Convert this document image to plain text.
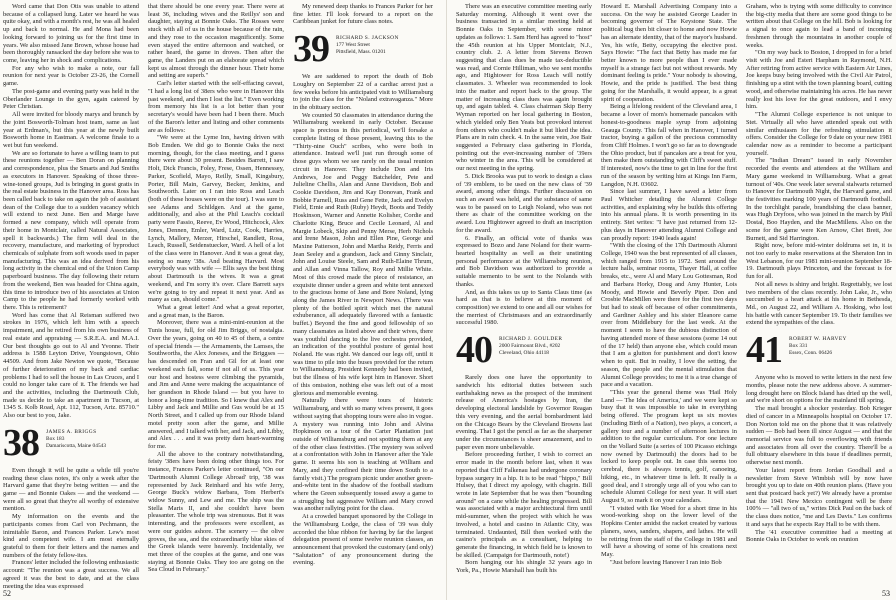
Word came that Don Otis was unable to attend because of a collapsed lung. Later we heard he was quite okay, and with a month's rest, he was all healed up and back to normal. He and Mona had been looking forward to joining us for the first time in years. We also missed Jane Brown, whose house had been thoroughly ransacked the day before she was to come, leaving her in shock and complications.

For any who wish to make a note, our fall reunion for next year is October 23-26, the Cornell game.

The post-game and evening party was held in the Oberlander Lounge in the gym, again catered by Peter Christian.

All were invited for bloody marys and brunch by the joint Bosworth-Tolman host team, same as last year at Erdman's, but this year at the newly built Bosworth home in Eastman. A welcome finale to a wet but fun weekend.

We are so fortunate to have a willing team to put these reunions together — Ben Doran on planning and correspondence, plus the Smarts and Jud Smiths as executors in Hanover. Speaking of those three-wine-toned groups, Jud is bringing in guest gratis in the real estate business in the Hanover area. Ross has been called back to take on again the job of assistant dean of the College due to a sudden vacancy which will extend to next June. Ben and Marge have formed a new company, which will operate from their home in Montclair, called Natural Associates, spell it backwards.) The firm will deal in the recovery, manufacture, and marketing of byproduct chemicals of sulphate from soft woods used in paper manufacturing. This was an idea derived from his long activity in the chemical end of the Union Camp paperboard business. The day following their return from the weekend, Ben was headed for China again, this time to introduce two of his associates at Union Camp to the people he had formerly worked with there. This is retirement?

Word has come that Al Reisman suffered two strokes in 1976, which left him with a speech impairment, and he retired from his own business of real estate and appraising — S.R.E.A. and M.A.I. Our best thoughts go out to Al and Yvonne. Their address is 1588 Leyton Drive, Youngstown, Ohio 44509. And from Jake Newton we quote, "Because of further deterioration of my back and cardiac problems I had to sell the house in Las Cruces, and I could no longer take care of it. The friends we had and the activities, including the Dartmouth Club, made us decide to take an apartment in Tucson, at 1345 S. Kolb Road, Apt. 112, Tucson, Ariz. 85710." Also our best to you, Jake.

38 JAMES A. BRIGGS
Box 183
Damariscotta, Maine 04543

Even though it will be quite a while till you're reading these class notes, it's only a week after the Harvard game that they're being written — and the game — and Bonnie Oakes — and the weekend — were all so great that they're all worthy of extensive mention.

My information on the events and the participants comes from Carl von Pechmann, the inimitable Baron, and Frances Parker. Lew's most kind and competent wife. I am most eternally grateful to them for their letters and the names and numbers of the feisty fellow-ites.

Frances' letter included the following enthusiastic account: "The reunion was a great success. We all agreed it was the best to date, and at the class meeting the idea was expressed

that there should be one every year. There were at least 36, including wives and the Reillys' son and daughter, staying at Bonnie Oaks. The Rosses were stuck with all of us in the house because of the rain, and they rose to the occasion magnificently. Some even stayed the entire afternoon and watched, or rather heard, the game in droves. Then after the game, the Landers put on an elaborate spread which kept us almost through the dinner hour. Their home and setting are superb."

Carl's letter started with the self-effacing caveat, "I had a long list of 38ers who were in Hanover this past weekend, and then I lost the list." Even working from memory his list is a lot better than your secretary's would have been had I been there. Much of the Baron's letter and listing and other comments are as follows:

"We were at the Lyme Inn, having driven with Bob Emden. We did go to Bonnie Oaks the next morning, though, for the class meeting, and I guess there were about 30 present. Besides Barrett, I saw Holt, Dick Francis, Foley, Frese, Ossen, Hennessey, Parker, Scofield, Mayo, Reilly, Small, Kingsbury, Porter, Bill Main, Garvey, Becker, Jenkins, and Southworth. Later on I ran into Ross and Leach (both of these houses were on the tour). I was sure to see Adams and Schildgen. And at the game, additionally, and also at the Phil Leach's cocktail party were Fassio, Reeve, Ev Wood, Hitchcock, Alex Jones, Dennen, Emler, Ward, Lutz, Cook, Harries, Lynch, Mallory, Merzer, Hirschel, Randlett, Rosa, Leach, Russell, Seidenstuecker, Ward. A hell of a lot of the class were in Hanover. And it was a great day, seeing so many '38s. And beating Harvard. Most everybody was with wife — Ellis says the best thing about Dartmouth is the wives. It was a great weekend, and I'm sorry it's over. Clare Barrett says we're going to try and repeat it next year. And as many as can, should come."

What a great letter! And what a great reporter, and a great man, is the Baron.

Moreover, there was a mini-mini-reunion at the Tunis house, full, for old Jim Briggs, of nostalgia. Over the years, going on 40 to 45 of them, a centre of special friends — the Armaments, the Lamses, the Southworths, the Alex Joneses, and the Briggses — has descended on Fran and Gil for at least one weekend each fall, some if not all of us. This year our host and hostess were climbing the pyramids, and Jim and Anne were making the acquaintance of her grandson in Rhode Island — but you have to honor a long-time tradition. So I knew that Alex and Libby and Jack and Millie and Gus would be at 15 North Street, and I called up from our Rhode Island motel pretty soon after the game, and Millie answered, and I talked with her, and Jack, and Libby, and Alex . . . and it was pretty darn heart-warming for me.

All the above to the contrary notwithstanding, feisty '38ers have been doing other things too. For instance, Frances Parker's letter continued, "On our 'Dartmouth Alumni College Abroad' trip, '38 was represented by Jack Reinhard and his wife Jerry, George Buck's widow Barbara, Tom Herbert's widow Sunny, and Lew and me. The ship was the Stella Maris II, and she couldn't have been pleasanter. The whole trip was strenuous. But it was interesting, and the professors were excellent, as were our guides ashore. The scenery — the olive groves, the sea, and the extraordinarily blue skies of the Greek islands were heavenly. Incidentally, we met three of the couples at the game, and one was staying at Bonnie Oaks. They too are going on the Sea Cloud in February."

My renewed deep thanks to Frances Parker for her fine letter. I'll look forward to a report on the Caribbean junket for future class notes.

39 RICHARD S. JACKSON
177 West Street
Pittsfield, Mass. 01201

We are saddened to report the death of Bob Loughry on September 22 of a cardiac arrest just a few weeks before his anticipated visit to Williamsburg to join the class for the "Noland extravaganza." More in the obituary section.

We counted 50 classmates in attendance during the Williamsburg weekend in early October. Because space is precious in this periodical, we'll forsake a complete listing of those present, leaving this to the "Thirty-nine Ouch" scribes, who were both in attendance. Instead we'll just run through some of those guys whom we see rarely on the usual reunion circuit in Hanover. They include Don and Iris Andrews, Joe and Peggy Batchelder, Pete and Julieline Chellis, Alan and Anne Davidson, Bob and Cookie Davidson, Jim and Kay Donovan, Frank and Bobbie Farnell, Russ and Gene Fette, Jack and Evelyn Field, Ernie and Ruth (Ruby) Heydt, Boots and Teddy Hoskinson, Warner and Annette Kolisher, Cordie and Charlotte King, Bruce and Cecile Leonard, Al and Margie Lobeck, Skip and Penny Merse, Herb Nichols and Irene Mason, John and Ellen Pine, George and Maxine Patterson, John and Martha Reidy, Ferris and Jean Seeley and a grandson, Jack and Ginny Sinclair, John and Louise Steele, Sam and Ruth-Elaine Thrum, and Allan and Vinna Tallow, Roy and Millie White. Most of this crowd made the piece of resistance, an exquisite dinner under a green and white tent annexed to the gracious home of Jane and Bore Noland, lying along the James River in Newport News. (There was plenty of the bottled spirit which met the natural exhuberance, all adequately flavored with a fantastic buffet.) Beyond the fine and good fellowship of so many classmates as listed above and their wives, there was youthful dancing to the live orchestra provided, an indication of the youthful posture of genial host Noland. He was right. We danced our legs off, until it was time to pile into the buses provided for the return to Williamsburg. President Kennedy had been invited, but the illness of his wife kept him in Hanover. Short of this omission, nothing else was left out of a most glorious and memorable evening.

Naturally there were tours of historic Williamsburg, and with so many wives present, it goes without saying that shopping tours were also in vogue. A mystery was running into John and Alvina Hopkinson on a tour of the Carter Plantation just outside of Williamsburg and not spotting them at any of the other class festivities. (The mystery was solved at a confrontation with John in Hanover after the Yale game. It seems his son is teaching at William and Mary, and they confined their time down South to a family visit.) The program picnic under another green-and-white tent in the shadow of the football stadium where the Green subsequently tossed away a game to a struggling but aggressive William and Mary crowd was another rallying point for the class.

At a crowded banquet sponsored by the College in the Williamsburg Lodge, the class of '39 was duly accorded the blue ribbon for having by far the largest delegation present of some twelve reunion classes, an announcement that provoked the customary (and only) "Salutation" of any pronouncement during the evening.

52

There was an executive committee meeting early Saturday morning. Although it went over the business transacted in a similar meeting held at Bonnie Oaks in September, with some minor updates as follows: 1. Sam Herd has agreed to "host" the 45th reunion at his Upper Montclair, N.J., country club. 2. A letter from Stevens Brown suggesting that class dues be made tax-deductible was read, and Cornie Hilliman, who we sent months ago, and Hightower for Ross Leach will notify classmates. 3. Wheeler was recommended to look into the matter and report back to the group. The matter of increasing class dues was again brought up, and again tabled. 4. Class chairman Skip Berry Wyman reported on her local gathering in Boston, which yielded only Ben Yeats but provoked interest from others who couldn't make it but liked the idea. Plans are in rain check. 4. In the same vein, Joe Bair suggested a February class gathering in Florida, pointing out the ever-increasing number of '39ers who winter in the area. This will be considered at our next meeting in the spring.

5. Dick Brooks was put to work to design a class of '39 emblem, to be used on the new class of '39 award, among other things. Further discussion on such an award was held, and the substance of same was to be passed on to Leigh Noland, who was not there as chair of the committee working on the award. Lou Hightower agreed to draft an inscription for the award.

6. Finally, an official vote of thanks was expressed to Bozo and Jane Noland for their warm-hearted hospitality as well as their unstinting personal performance at the Williamsburg reunion, and Bob Davidson was authorized to provide a suitable memento to be sent to the Nolands with thanks.

And, as this takes us up to Santa Claus time (as hard as that is to believe at this moment of composition) we extend to one and all our wishes for the merriest of Christmases and an extraordinarily successful 1980.

40 RICHARD J. GOULDER
2000 Fairmount Blvd., #202
Cleveland, Ohio 44118

Rarely does one have the opportunity to sandwich his editorial duties between such earthshaking news as the prospect of the imminent release of America's hostages by Iran, the developing electoral landslide by Governor Reagan this very evening, and the aerial bombardment laid on the Chicago Bears by the Cleveland Browns last evening. That I got the pencil as far as the sharpener under the circumstances is sheer amazement, and to paper even more unbelievable.

Before proceeding further, I wish to correct an error made in the month before last, when it was reported that Cliff Falkenau had undergone coronary bypass surgery in a hip. It is to be read "hippo," Bill Hulsey, that I direct my apology, with chagrin. Bill wrote in late September that he was then "bounding around" on a cane while the healing progressed. Bill was associated with a major architectural firm until mid-summer, when the project with which he was involved, a hotel and casino in Atlantic City, was terminated. Undaunted, Bill then worked with the casino's principals as a consultant, helping to generate the financing, in which field he is known to be skilled. (Campaign for Dartmouth, note!)

Born hanging our his shingle 32 years ago in York, Pa., Howie Marshall has built his

Howard E. Marshall Advertising Company into a success. On the way he assisted George Leader in becoming governor of The Keystone State. The political bug then bit closer to home and now Howie has an alternate identity, that of the mayor's husband. Yes, his wife, Betty, occupying the elective post. Says Howie: "The fact that Betty has made me far better known to more people than I ever made myself is a strange fact but not without rewards. My dominant feeling is pride." Your nobody is showing, Howie, and the pride is justified. The best thing going for the Marshalls, it would appear, is a great spirit of cooperation.

Being a lifelong resident of the Cleveland area, I became a lover of mom's homemade pancakes with honest-to-goodness maple syrup from adjoining Geauga County. This fall when in Hanover, I turned tractor, buying a gallon of the precious commodity from Cliff Holmes. I won't go so far as to downgrade the Ohio product, but if pancakes are a treat for you, then make them outstanding with Cliff's sweet stuff. If interested, now's the time to get in line for the first run of the season by writing him at Kings Inn Farm, Langdon, N.H. 03602.

Since last summer, I have saved a letter from Paul Whitcher detailing the Alumni College activities, and explaining why he builds this offering into his annual plans. It is worth presenting in its entirety. Stet writes: "I have just returned from 12-plus days in Hanover attending Alumni College and can proudly report: 1940 leads again!

"With the closing of the 17th Dartmouth Alumni College, 1940 was the best represented of all classes, which ranged from 1915 to 1972. Sent around the lecture halls, seminar rooms, Thayer Hall, at coffee breaks, etc., were Al and Mary Lou Gottesman, Rod and Barbara Horky, Doug and Amy Hunter, Lois Moody, and Howie and Beverly Piper. Don and Crosbie MacMillen were there for the first two days but had to steak off because of other commitments, and Gardiner Ashley and his sister Eleanore came over from Middlebury for the last week. At the moment I seem to have the dubious distinction of having attended more of these sessions (some 14 out of the 17 held) than anyone else, which could mean that I am a glutton for punishment and don't know when to quit. But in reality, I love the setting, the season, the people and the mental stimulation that Alumni College provides; to me it is a true change of pace and a vacation.

"This year the general theme was 'Hail Holy Land — The Idea of America,' and we were kept so busy that it was impossible to take in everything being offered. The program kept us six movies (including Birth of a Nation), two plays, a concert, a gallery tour and a number of afternoon lectures in addition to the regular curriculum. For one lecture on the Vollard Suite (a series of 100 Picasso etchings now owned by Dartmouth) the doors had to be locked to keep people out. In case this seems too cerebral, there is always tennis, golf, canoeing, hiking, etc., in whatever time is left. It really is a good deal, and I strongly urge all of you who can to schedule Alumni College for next year. It will start August 9, so mark it on your calendars.

"I visited with Ike Woed for a short time in his wood-working shop on the lower level of the Hopkins Center amidst the racket created by various planers, saws, sanders, shapers, and lathes. He will be retiring from the staff of the College in 1981 and will have a showing of some of his creations next May.

"Just before leaving Hanover I ran into Bob

Graham, who is trying with some difficulty to convince the big-city media that there are some good things to be written about that College on the hill. Bob is looking for a signal to once again to lead a band of incoming freshmen through the mountains in another couple of weeks.

"On my way back to Boston, I dropped in for a brief visit with Joe and Esteri Harpham in Raymond, N.H. After retiring from active service with Eastern Air Lines, Joe keeps busy being involved with the Civil Air Patrol, finishing up a stint with the town planning board, cutting wood, and otherwise maintaining his acres. He has never really lost his love for the great outdoors, and I envy him.

"The Alumni College experience is not unique to Stet. Virtually all who have attended speak out with similar enthusiasm for the refreshing stimulation it offers. Consider the College for 9 date on your new 1981 calendar now as a reminder to become a participant yourself.

The "Indian Dream" issued in early November recorded the events and attendees at the William and Mary game weekend in Williamsburg. What a great turnout of '40s. One week later several stalwarts returned to Hanover for Dartmouth Night, the Harvard game, and the festivities marking 100 years of Dartmouth football. In the torchlight parade, brandishing the class banner, was Hugh Dryfoos, who was joined in the march by Phil Dostal, Boo Hayden, and the MacMillens. Also on the scene for the game were Ken Arnow, Chet Brett, Joe Burnett, and Sid Harrington.

Right now, before mid-winter doldrums set in, it is not too early to make reservations at the Sheraton Inn in West Lebanon, for our 1981 mini-reunion September 18-19. Dartmouth plays Princeton, and the forecast is for fun for all.

Not all news is shiny and bright. Regrettably, we lost two members of the class recently. John Lake, Jr., who succumbed to a heart attack at his home in Bethesda, Md., on August 22, and William A. Hosking, who lost his battle with cancer September 19. To their families we extend the sympathies of the class.

41 ROBERT W. HARVEY
Box 331
Essex, Conn. 06426

Anyone who is moved to write letters in the next few months, please note the new address above. A summer-long drought here on Block Island has dried up the well, and we're short on options for the mainland till spring.

The mail brought a shocker yesterday. Bob Krieger died of cancer in a Minneapolis hospital on October 17. Don Norton told me on the phone that it was relatively sudden — Bob had been ill since August — and that the memorial service was full to overflowing with friends and associates from all over the country. There'll be a full obituary elsewhere in this issue if deadlines permit, otherwise next month.

Your latest report from Jordan Goodhall and a newsletter from Steve Wimbish will by now have brought you up to date on 40th reunion plans. (Have you sent that postcard back yet?) We already have a promise that the 1941 New Mexico contingent will be there 100% — "all two of us," writes Dick Paul on the back of the class dues notice, "me and Les Davis." Les confirms it and says that he expects Ray Hall to be with them.

The '41 executive committee had a meeting at Bonnie Oaks in October to work on reunion

53
